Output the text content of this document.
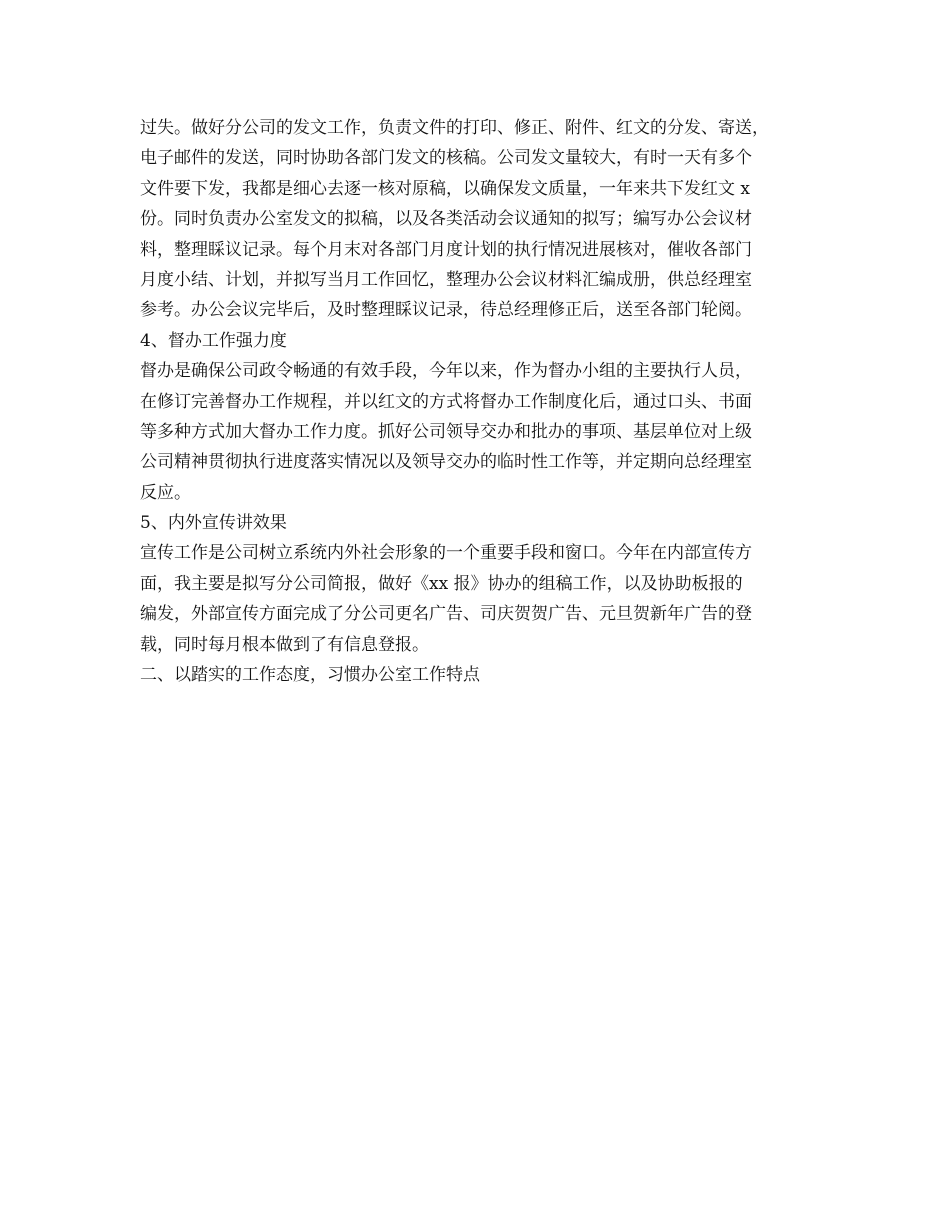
过失。做好分公司的发文工作，负责文件的打印、修正、附件、红文的分发、寄送，
电子邮件的发送，同时协助各部门发文的核稿。公司发文量较大，有时一天有多个
文件要下发，我都是细心去逐一核对原稿，以确保发文质量，一年来共下发红文 x
份。同时负责办公室发文的拟稿，以及各类活动会议通知的拟写；编写办公会议材
料，整理睬议记录。每个月末对各部门月度计划的执行情况进展核对，催收各部门
月度小结、计划，并拟写当月工作回忆，整理办公会议材料汇编成册，供总经理室
参考。办公会议完毕后，及时整理睬议记录，待总经理修正后，送至各部门轮阅。
4、督办工作强力度
督办是确保公司政令畅通的有效手段，今年以来，作为督办小组的主要执行人员，
在修订完善督办工作规程，并以红文的方式将督办工作制度化后，通过口头、书面
等多种方式加大督办工作力度。抓好公司领导交办和批办的事项、基层单位对上级
公司精神贯彻执行进度落实情况以及领导交办的临时性工作等，并定期向总经理室
反应。
5、内外宣传讲效果
宣传工作是公司树立系统内外社会形象的一个重要手段和窗口。今年在内部宣传方
面，我主要是拟写分公司简报，做好《xx 报》协办的组稿工作，以及协助板报的
编发，外部宣传方面完成了分公司更名广告、司庆贺贺广告、元旦贺新年广告的登
载，同时每月根本做到了有信息登报。
二、以踏实的工作态度，习惯办公室工作特点
